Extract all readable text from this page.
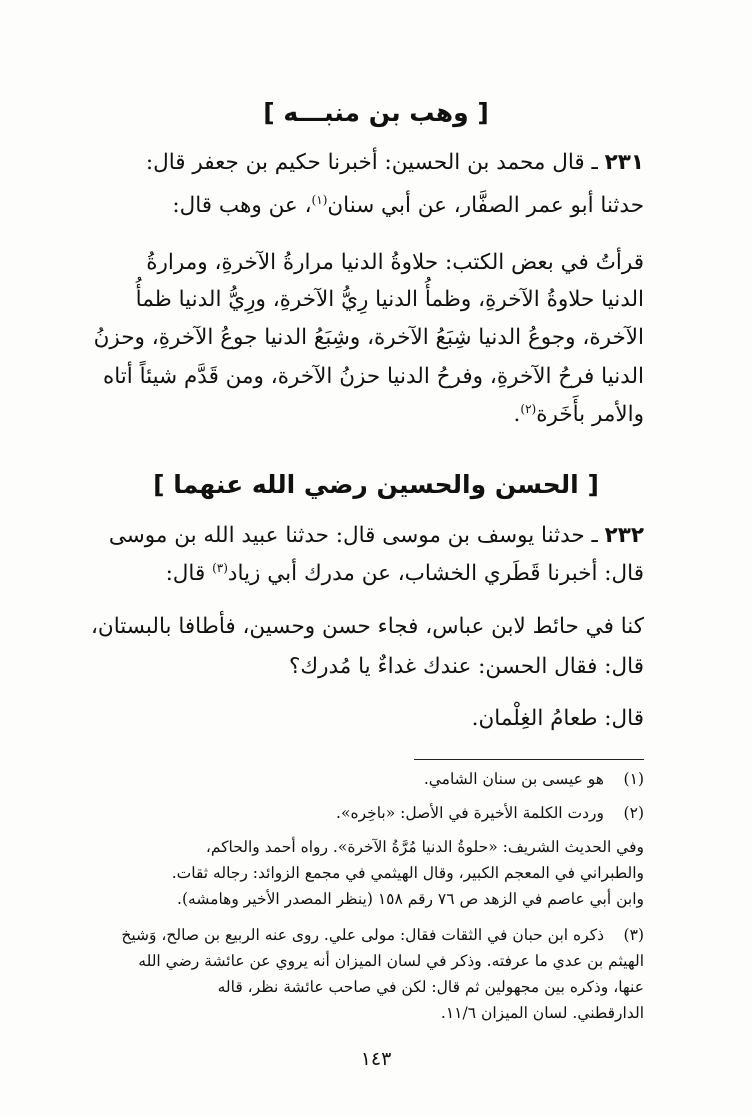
[ وهب بن منبـــه ]
٢٣١ ـ قال محمد بن الحسين: أخبرنا حكيم بن جعفر قال:
حدثنا أبو عمر الصفَّار، عن أبي سنان$^{(١)}$، عن وهب قال:
قرأتُ في بعض الكتب: حلاوةُ الدنيا مرارةُ الآخرةِ، ومرارةُ
الدنيا حلاوةُ الآخرةِ، وظمأُ الدنيا رِيُّ الآخرةِ، ورِيُّ الدنيا ظمأُ
الآخرة، وجوعُ الدنيا شِبَعُ الآخرة، وشِبَعُ الدنيا جوعُ الآخرةِ، وحزنُ
الدنيا فرحُ الآخرةِ، وفرحُ الدنيا حزنُ الآخرة، ومن قَدَّم شيئاً أتاه
والأمر بأَخَرة$^{(٢)}$.
[ الحسن والحسين رضي الله عنهما ]
٢٣٢ ـ حدثنا يوسف بن موسى قال: حدثنا عبيد الله بن موسى
قال: أخبرنا قَطَري الخشاب، عن مدرك أبي زياد$^{(٣)}$ قال:
كنا في حائط لابن عباس، فجاء حسن وحسين، فأطافا بالبستان،
قال: فقال الحسن: عندك غداءٌ يا مُدرك؟
قال: طعامُ الغِلْمان.
(١)
هو عيسى بن سنان الشامي.
(٢)
وردت الكلمة الأخيرة في الأصل: «باخِره».
وفي الحديث الشريف: «حلوةُ الدنيا مُرَّةُ الآخرة». رواه أحمد والحاكم،
والطبراني في المعجم الكبير، وقال الهيثمي في مجمع الزوائد: رجاله ثقات.
وابن أبي عاصم في الزهد ص ٧٦ رقم ١٥٨ (ينظر المصدر الأخير وهامشه).
(٣)
ذكره ابن حبان في الثقات فقال: مولى علي. روى عنه الربيع بن صالح، وَشيخ
الهيثم بن عدي ما عرفته. وذكر في لسان الميزان أنه يروي عن عائشة رضي الله
عنها، وذكره بين مجهولين ثم قال: لكن في صاحب عائشة نظر، قاله
الدارقطني. لسان الميزان ١١/٦.
١٤٣
